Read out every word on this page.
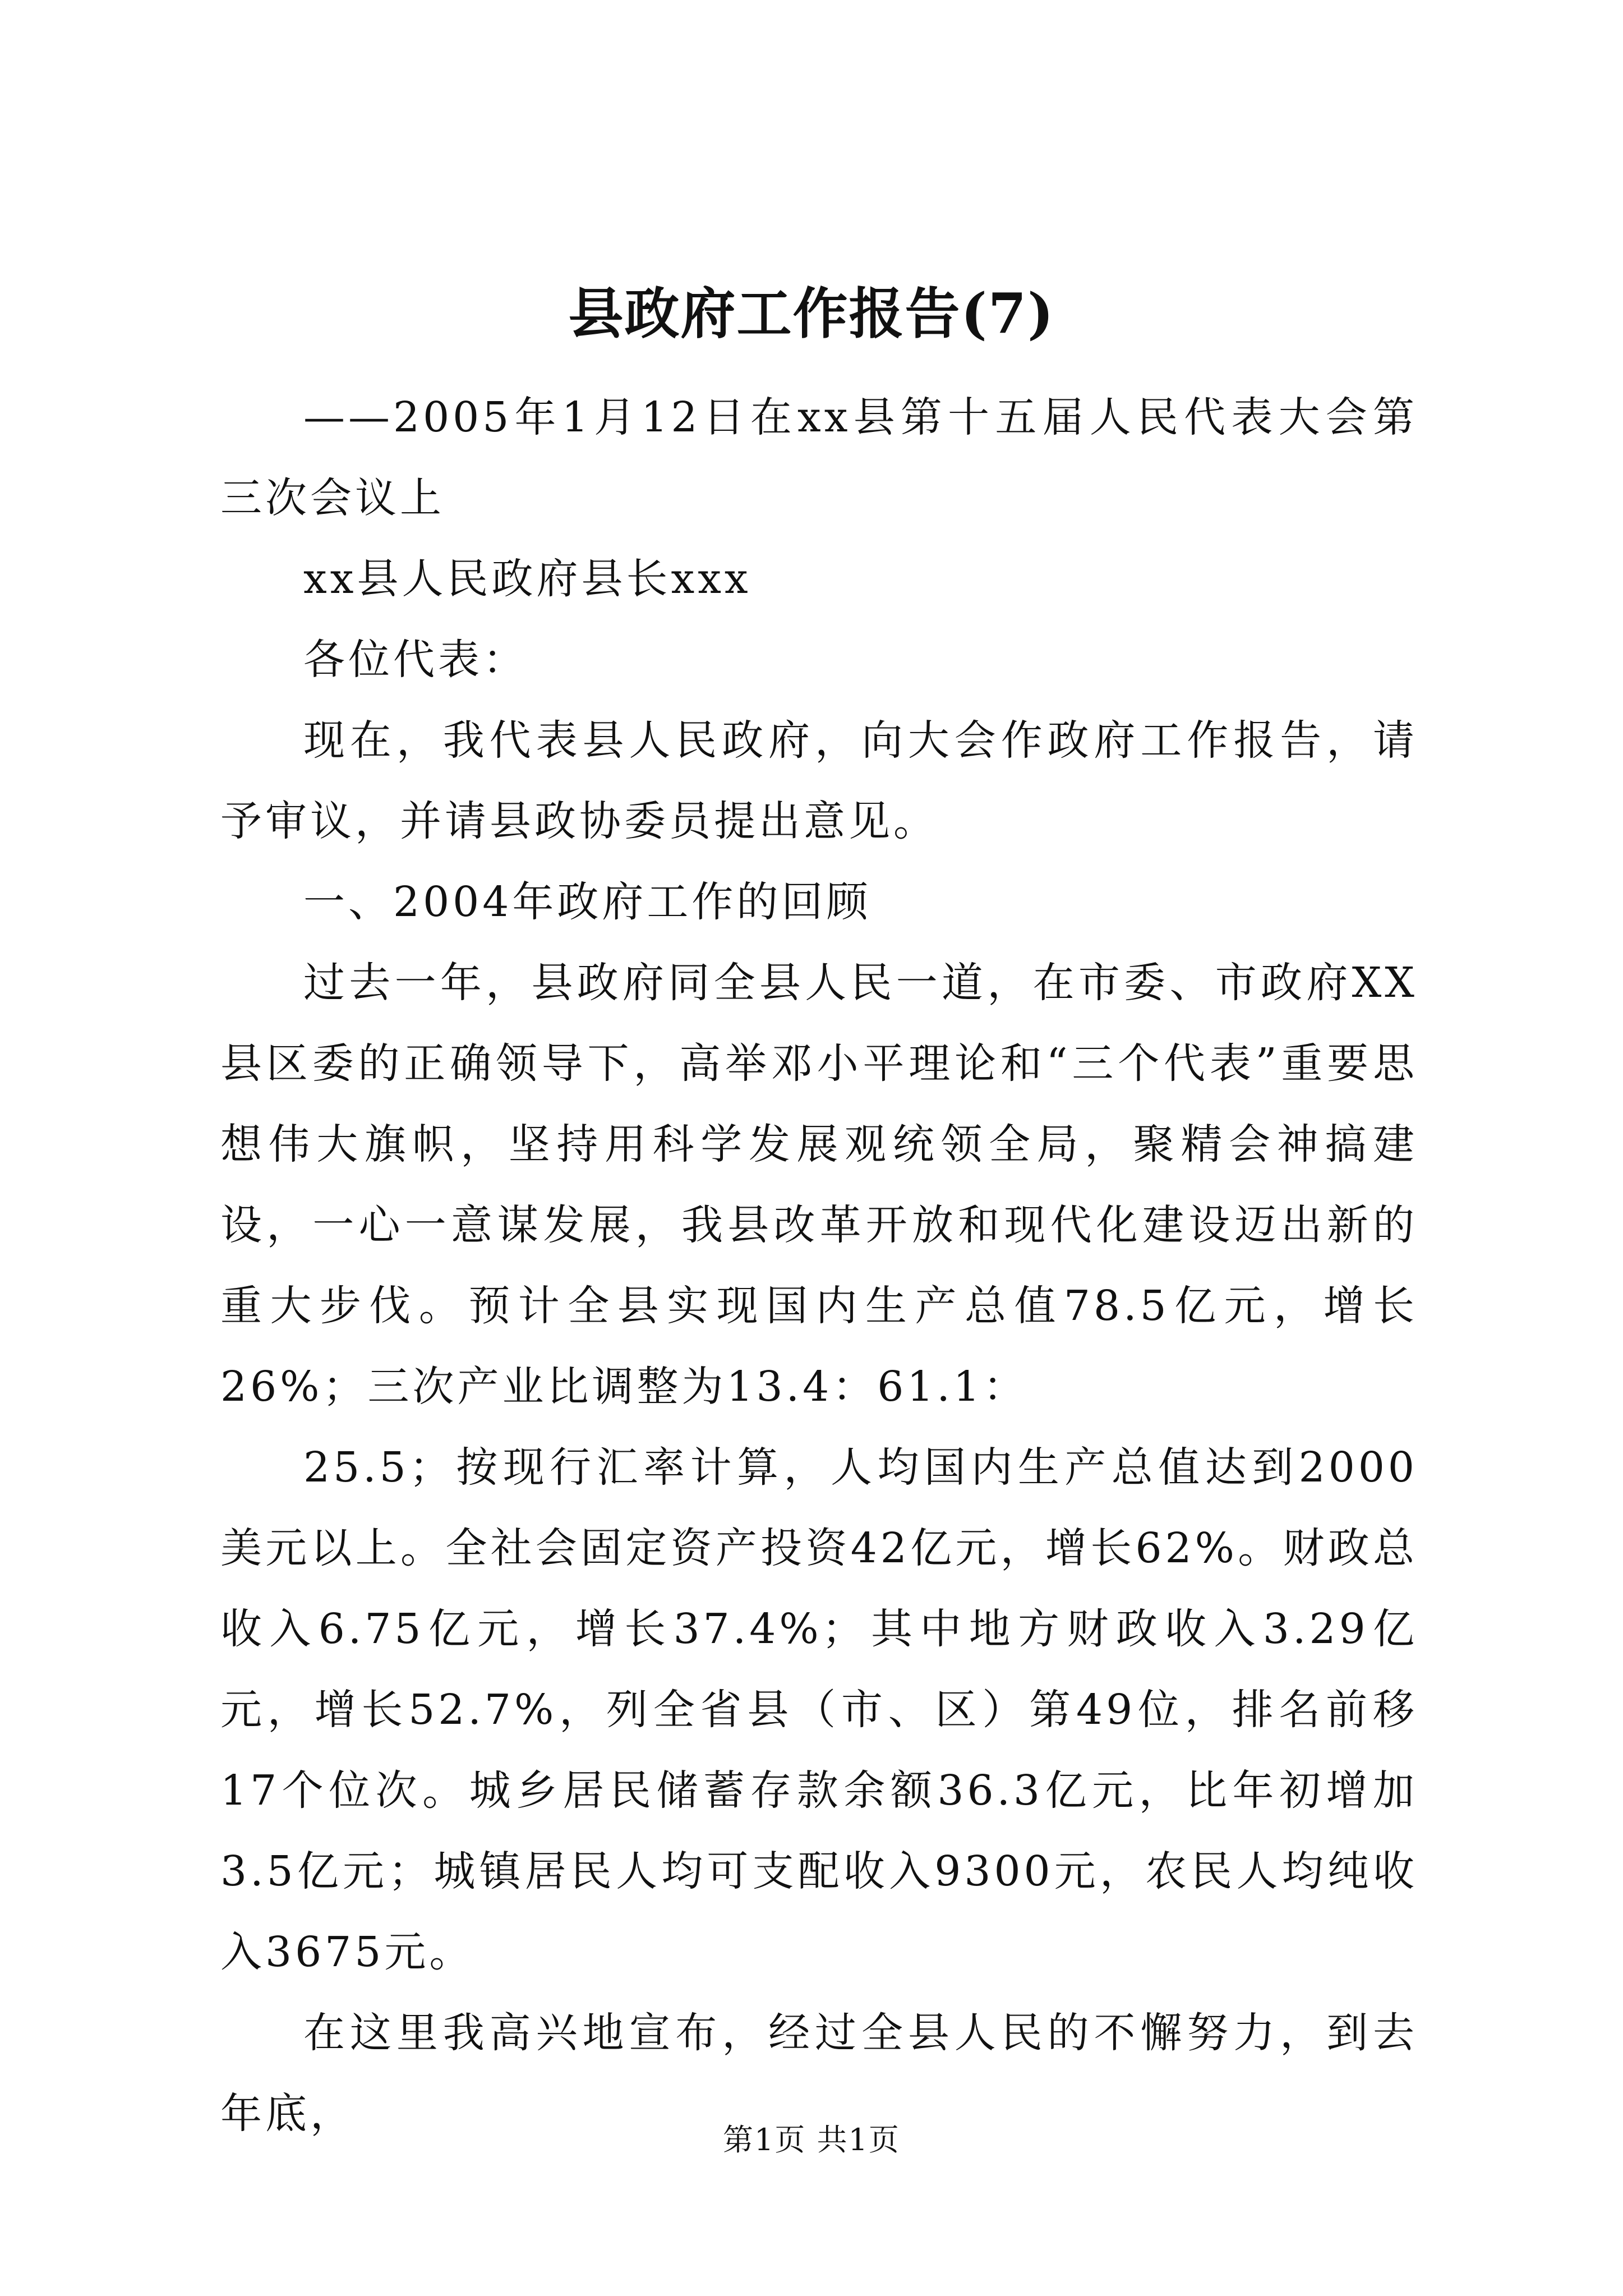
县政府工作报告(7)

——2005年1月12日在xx县第十五届人民代表大会第三次会议上

xx县人民政府县长xxx

各位代表：

现在，我代表县人民政府，向大会作政府工作报告，请予审议，并请县政协委员提出意见。

一、2004年政府工作的回顾

过去一年，县政府同全县人民一道，在市委、市政府XX县区委的正确领导下，高举邓小平理论和“三个代表”重要思想伟大旗帜，坚持用科学发展观统领全局，聚精会神搞建设，一心一意谋发展，我县改革开放和现代化建设迈出新的重大步伐。预计全县实现国内生产总值78.5亿元，增长26%；三次产业比调整为13.4：61.1：

25.5；按现行汇率计算，人均国内生产总值达到2000美元以上。全社会固定资产投资42亿元，增长62%。财政总收入6.75亿元，增长37.4%；其中地方财政收入3.29亿元，增长52.7%，列全省县（市、区）第49位，排名前移17个位次。城乡居民储蓄存款余额36.3亿元，比年初增加3.5亿元；城镇居民人均可支配收入9300元，农民人均纯收入3675元。

在这里我高兴地宣布，经过全县人民的不懈努力，到去年底，

第1页 共1页
